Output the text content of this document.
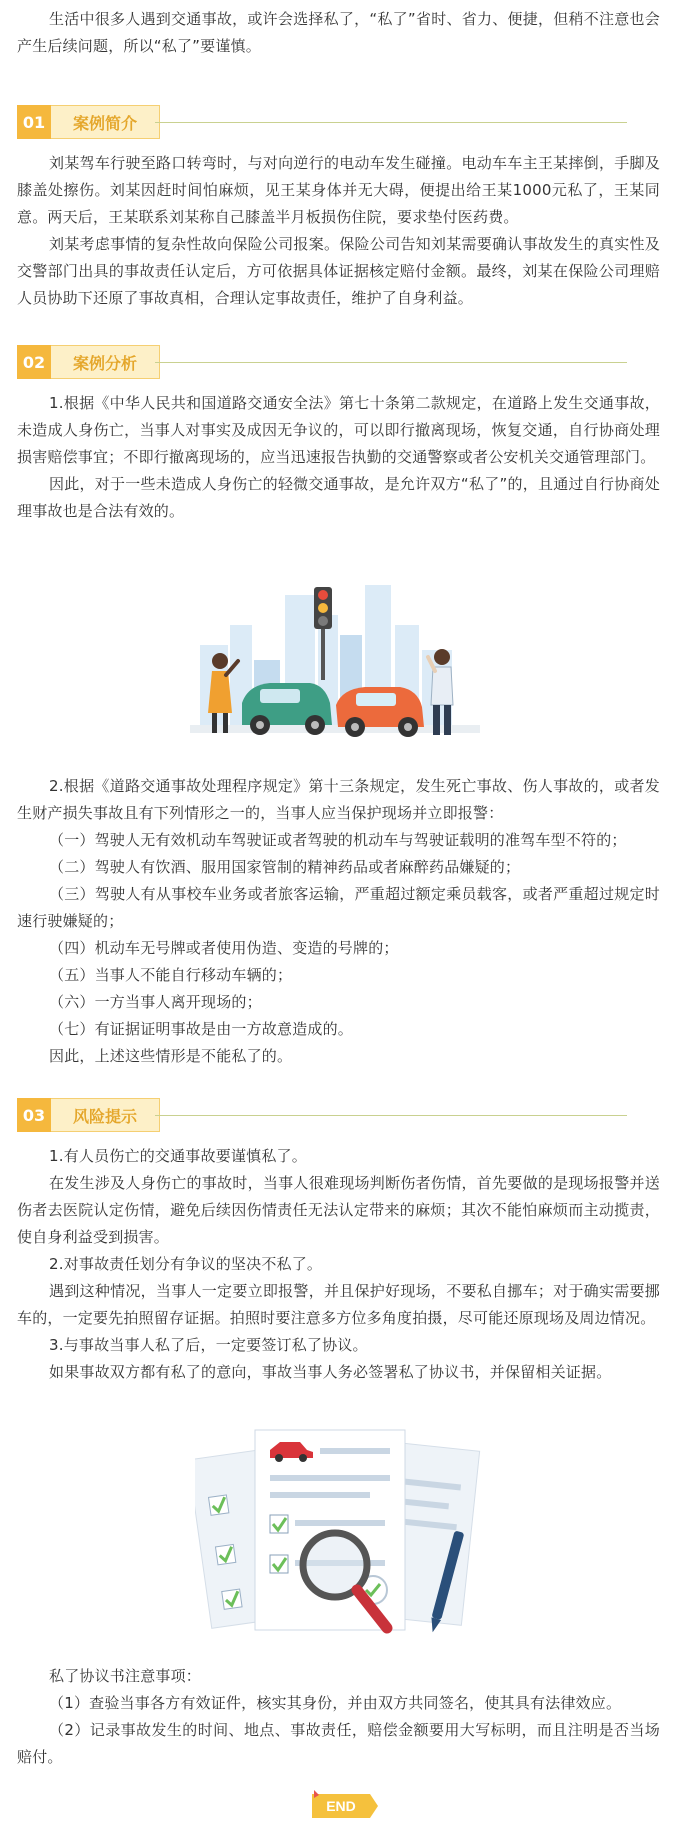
生活中很多人遇到交通事故，或许会选择私了，“私了”省时、省力、便捷，但稍不注意也会产生后续问题，所以“私了”要谨慎。

01	案例简介

刘某驾车行驶至路口转弯时，与对向逆行的电动车发生碰撞。电动车车主王某摔倒，手脚及膝盖处擦伤。刘某因赶时间怕麻烦，见王某身体并无大碍，便提出给王某1000元私了，王某同意。两天后，王某联系刘某称自己膝盖半月板损伤住院，要求垫付医药费。

刘某考虑事情的复杂性故向保险公司报案。保险公司告知刘某需要确认事故发生的真实性及交警部门出具的事故责任认定后，方可依据具体证据核定赔付金额。最终，刘某在保险公司理赔人员协助下还原了事故真相，合理认定事故责任，维护了自身利益。

02	案例分析

1.根据《中华人民共和国道路交通安全法》第七十条第二款规定，在道路上发生交通事故，未造成人身伤亡，当事人对事实及成因无争议的，可以即行撤离现场，恢复交通，自行协商处理损害赔偿事宜；不即行撤离现场的，应当迅速报告执勤的交通警察或者公安机关交通管理部门。

因此，对于一些未造成人身伤亡的轻微交通事故，是允许双方“私了”的，且通过自行协商处理事故也是合法有效的。

2.根据《道路交通事故处理程序规定》第十三条规定，发生死亡事故、伤人事故的，或者发生财产损失事故且有下列情形之一的，当事人应当保护现场并立即报警：

（一）驾驶人无有效机动车驾驶证或者驾驶的机动车与驾驶证载明的准驾车型不符的；

（二）驾驶人有饮酒、服用国家管制的精神药品或者麻醉药品嫌疑的；

（三）驾驶人有从事校车业务或者旅客运输，严重超过额定乘员载客，或者严重超过规定时速行驶嫌疑的；

（四）机动车无号牌或者使用伪造、变造的号牌的；

（五）当事人不能自行移动车辆的；

（六）一方当事人离开现场的；

（七）有证据证明事故是由一方故意造成的。

因此，上述这些情形是不能私了的。

03	风险提示

1.有人员伤亡的交通事故要谨慎私了。

在发生涉及人身伤亡的事故时，当事人很难现场判断伤者伤情，首先要做的是现场报警并送伤者去医院认定伤情，避免后续因伤情责任无法认定带来的麻烦；其次不能怕麻烦而主动揽责，使自身利益受到损害。

2.对事故责任划分有争议的坚决不私了。

遇到这种情况，当事人一定要立即报警，并且保护好现场，不要私自挪车；对于确实需要挪车的，一定要先拍照留存证据。拍照时要注意多方位多角度拍摄，尽可能还原现场及周边情况。

3.与事故当事人私了后，一定要签订私了协议。

如果事故双方都有私了的意向，事故当事人务必签署私了协议书，并保留相关证据。

私了协议书注意事项：

（1）查验当事各方有效证件，核实其身份，并由双方共同签名，使其具有法律效应。

（2）记录事故发生的时间、地点、事故责任，赔偿金额要用大写标明，而且注明是否当场赔付。

END
